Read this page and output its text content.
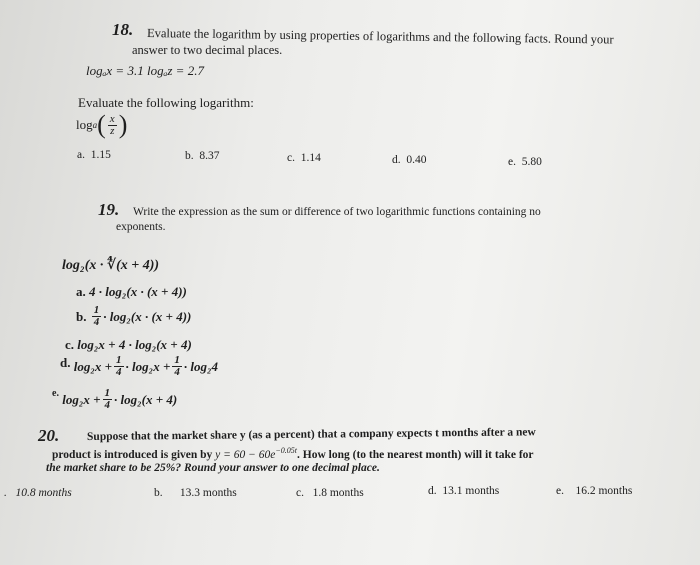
18. Evaluate the logarithm by using properties of logarithms and the following facts. Round your
answer to two decimal places.
logₐx = 3.1 logₐz = 2.7
Evaluate the following logarithm:
log a ( $\frac{x}{z}$ )
a. 1.15	b. 8.37	c. 1.14	d. 0.40	e. 5.80
19. Write the expression as the sum or difference of two logarithmic functions containing no
exponents.
log₂(x · ∜(x + 4))
a. 4 · log₂(x · (x + 4))
b.
$\frac{1}{4} \cdot \log_2(x \cdot (x + 4))$
c. log₂x + 4 · log₂(x + 4)
d.
$\log_2x + \frac{1}{4} \cdot \log_2x + \frac{1}{4} \cdot \log_24$
e.
$\log_2x + \frac{1}{4} \cdot \log_2(x + 4)$
20. Suppose that the market share y (as a percent) that a company expects t months after a new
product is introduced is given by
$y = 60 - 60e^{-0.05t}$ . How long (to the nearest month) will it take for
the market share to be 25%? Round your answer to one decimal place.
. 10.8 months	b. 13.3 months	c. 1.8 months	d. 13.1 months	e. 16.2 months
